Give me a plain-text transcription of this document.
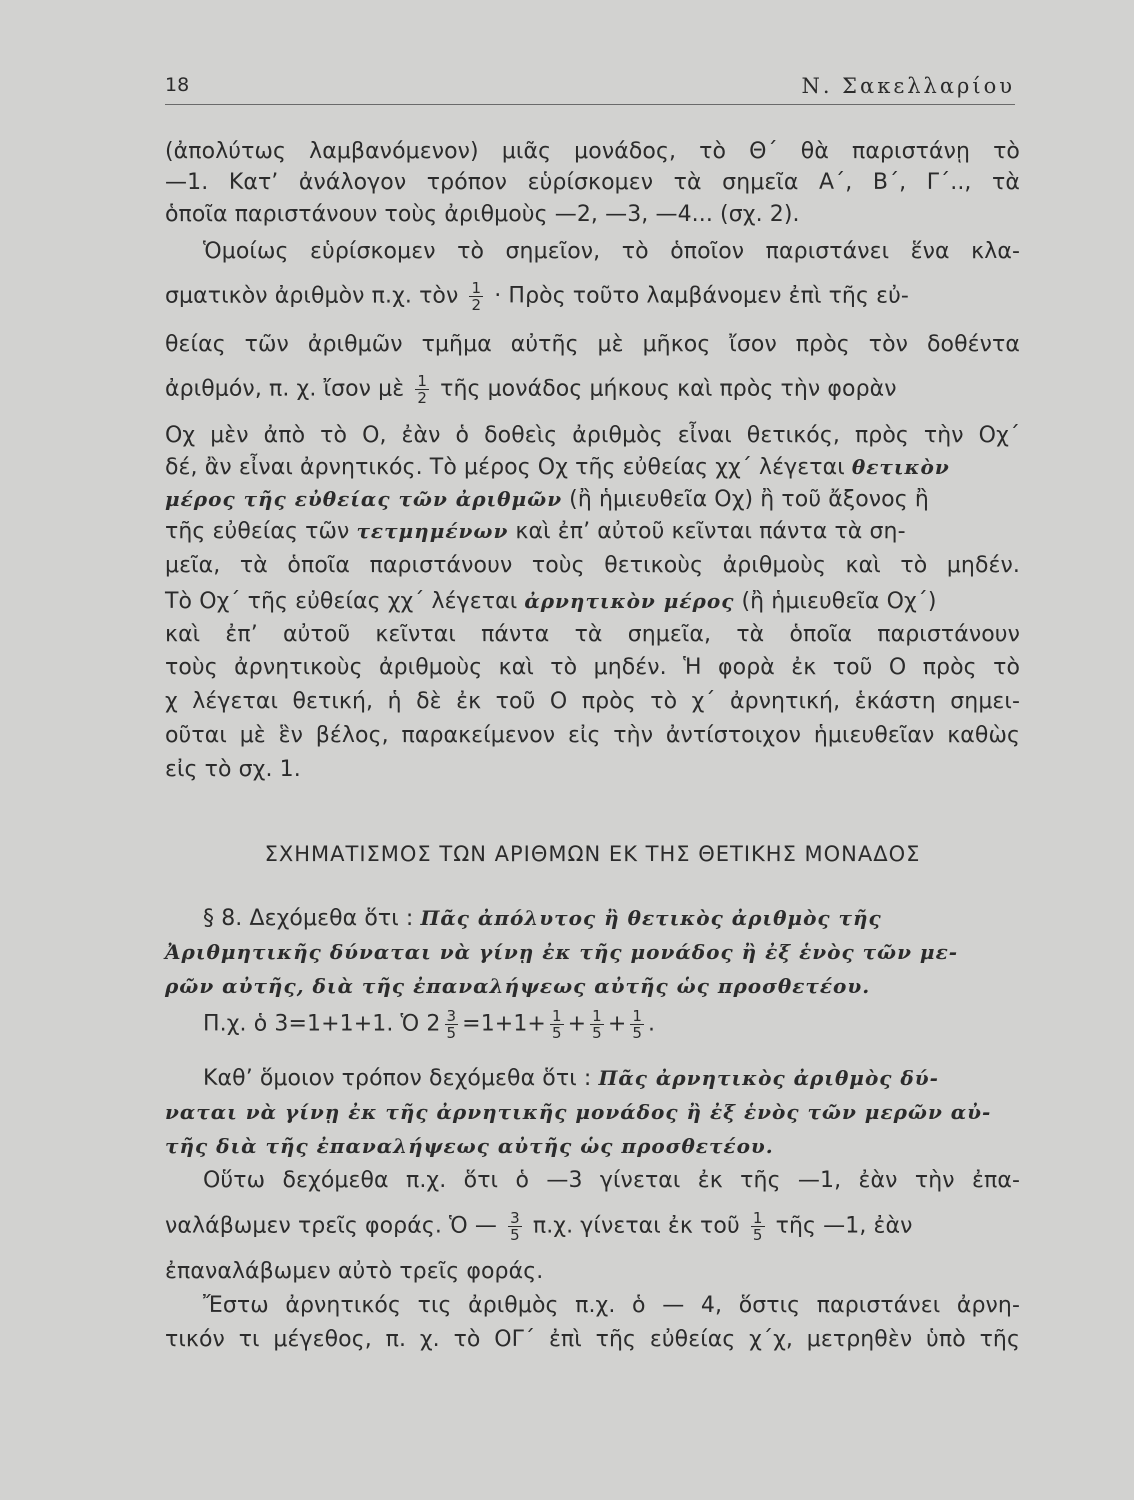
18	Ν. Σακελλαρίου
(ἀπολύτως λαμβανόμενον) μιᾶς μονάδος, τὸ Θ΄ θὰ παριστάνῃ τὸ
—1. Κατ’ ἀνάλογον τρόπον εὑρίσκομεν τὰ σημεῖα Α΄, Β΄, Γ΄.., τὰ
ὁποῖα παριστάνουν τοὺς ἀριθμοὺς —2, —3, —4... (σχ. 2).
Ὁμοίως εὑρίσκομεν τὸ σημεῖον, τὸ ὁποῖον παριστάνει ἕνα κλα-
σματικὸν ἀριθμὸν π.χ. τὸν $\frac{1}{2}$ · Πρὸς τοῦτο λαμβάνομεν ἐπὶ τῆς εὐ-
θείας τῶν ἀριθμῶν τμῆμα αὐτῆς μὲ μῆκος ἴσον πρὸς τὸν δοθέντα
ἀριθμόν, π. χ. ἴσον μὲ $\frac{1}{2}$ τῆς μονάδος μήκους καὶ πρὸς τὴν φορὰν
Οχ μὲν ἀπὸ τὸ Ο, ἐὰν ὁ δοθεὶς ἀριθμὸς εἶναι θετικός, πρὸς τὴν Οχ΄
δέ, ἂν εἶναι ἀρνητικός. Τὸ μέρος Οχ τῆς εὐθείας χχ΄ λέγεται θετικὸν
μέρος τῆς εὐθείας τῶν ἀριθμῶν (ἢ ἡμιευθεῖα Οχ) ἢ τοῦ ἄξονος ἢ
τῆς εὐθείας τῶν τετμημένων καὶ ἐπ’ αὐτοῦ κεῖνται πάντα τὰ ση-
μεῖα, τὰ ὁποῖα παριστάνουν τοὺς θετικοὺς ἀριθμοὺς καὶ τὸ μηδέν.
Τὸ Οχ΄ τῆς εὐθείας χχ΄ λέγεται ἀρνητικὸν μέρος (ἢ ἡμιευθεῖα Οχ΄)
καὶ ἐπ’ αὐτοῦ κεῖνται πάντα τὰ σημεῖα, τὰ ὁποῖα παριστάνουν
τοὺς ἀρνητικοὺς ἀριθμοὺς καὶ τὸ μηδέν. Ἡ φορὰ ἐκ τοῦ Ο πρὸς τὸ
χ λέγεται θετική, ἡ δὲ ἐκ τοῦ Ο πρὸς τὸ χ΄ ἀρνητική, ἑκάστη σημει-
οῦται μὲ ἓν βέλος, παρακείμενον εἰς τὴν ἀντίστοιχον ἡμιευθεῖαν καθὼς
εἰς τὸ σχ. 1.
ΣΧΗΜΑΤΙΣΜΟΣ ΤΩΝ ΑΡΙΘΜΩΝ ΕΚ ΤΗΣ ΘΕΤΙΚΗΣ ΜΟΝΑΔΟΣ
§ 8. Δεχόμεθα ὅτι : Πᾶς ἀπόλυτος ἢ θετικὸς ἀριθμὸς τῆς
Ἀριθμητικῆς δύναται νὰ γίνῃ ἐκ τῆς μονάδος ἢ ἐξ ἑνὸς τῶν με-
ρῶν αὐτῆς, διὰ τῆς ἐπαναλήψεως αὐτῆς ὡς προσθετέου.
Π.χ. ὁ 3=1+1+1. Ὁ $2 \frac{3}{5} =1+1+ \frac{1}{5} + \frac{1}{5} + \frac{1}{5}$ .
Καθ’ ὅμοιον τρόπον δεχόμεθα ὅτι : Πᾶς ἀρνητικὸς ἀριθμὸς δύ-
ναται νὰ γίνῃ ἐκ τῆς ἀρνητικῆς μονάδος ἢ ἐξ ἑνὸς τῶν μερῶν αὐ-
τῆς διὰ τῆς ἐπαναλήψεως αὐτῆς ὡς προσθετέου.
Οὕτω δεχόμεθα π.χ. ὅτι ὁ —3 γίνεται ἐκ τῆς —1, ἐὰν τὴν ἐπα-
ναλάβωμεν τρεῖς φοράς. Ὁ — $\frac{3}{5} \pi.\chi$. γίνεται ἐκ τοῦ $\frac{1}{5}$ τῆς —1, ἐὰν
ἐπαναλάβωμεν αὐτὸ τρεῖς φοράς.
Ἔστω ἀρνητικός τις ἀριθμὸς π.χ. ὁ — 4, ὅστις παριστάνει ἀρνη-
τικόν τι μέγεθος, π. χ. τὸ ΟΓ΄ ἐπὶ τῆς εὐθείας χ΄χ, μετρηθὲν ὑπὸ τῆς
